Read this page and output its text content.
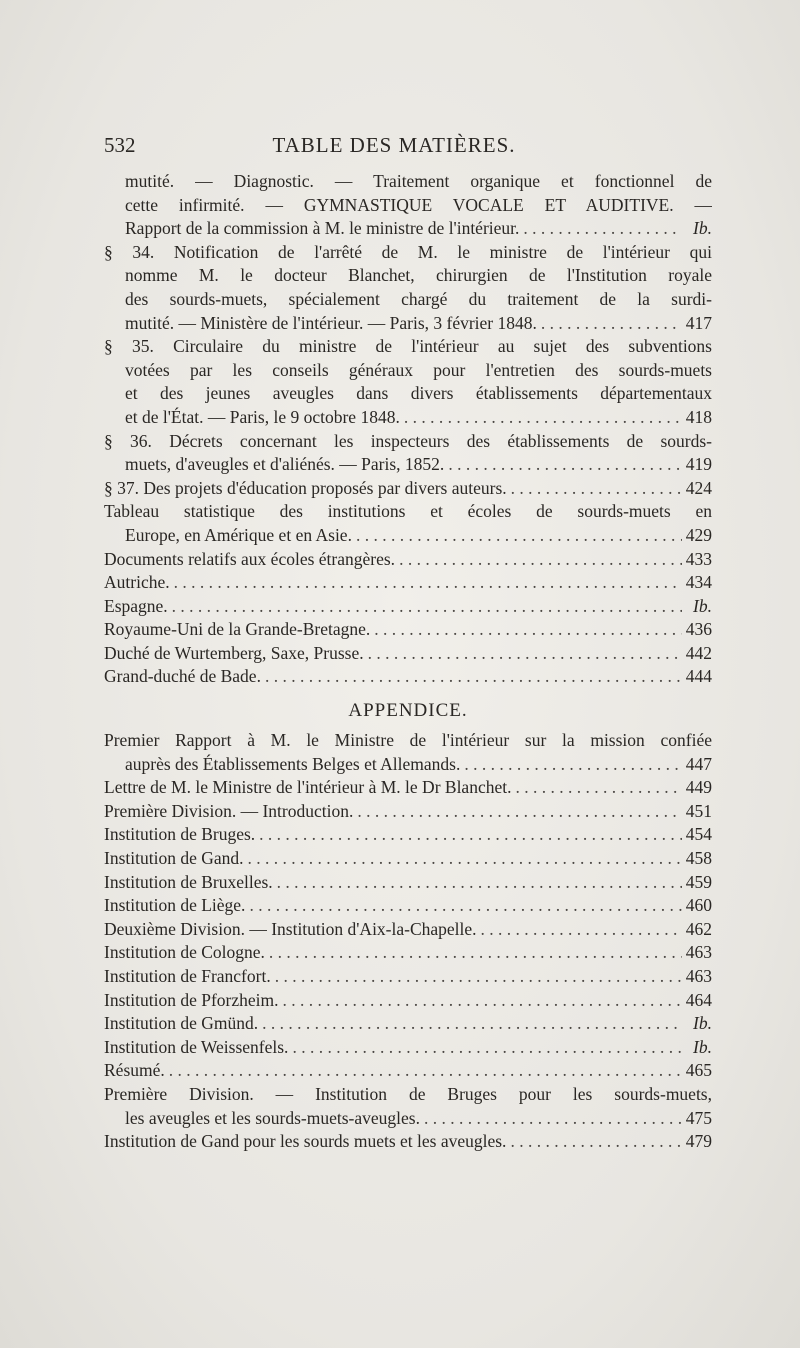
532	TABLE DES MATIÈRES.
mutité. — Diagnostic. — Traitement organique et fonctionnel de
cette infirmité. — GYMNASTIQUE VOCALE ET AUDITIVE. —
Rapport de la commission à M. le ministre de l'intérieur. . . .	Ib.
§ 34. Notification de l'arrêté de M. le ministre de l'intérieur qui
nomme M. le docteur Blanchet, chirurgien de l'Institution royale
des sourds-muets, spécialement chargé du traitement de la surdi-
mutité. — Ministère de l'intérieur. — Paris, 3 février 1848. . . .	417
§ 35. Circulaire du ministre de l'intérieur au sujet des subventions
votées par les conseils généraux pour l'entretien des sourds-muets
et des jeunes aveugles dans divers établissements départementaux
et de l'État. — Paris, le 9 octobre 1848. . . .	418
§ 36. Décrets concernant les inspecteurs des établissements de sourds-
muets, d'aveugles et d'aliénés. — Paris, 1852. . . .	419
§ 37. Des projets d'éducation proposés par divers auteurs. . . .	424
Tableau statistique des institutions et écoles de sourds-muets en
Europe, en Amérique et en Asie. . . .	429
Documents relatifs aux écoles étrangères. . . .	433
Autriche. . . .	434
Espagne. . . .	Ib.
Royaume-Uni de la Grande-Bretagne. . . .	436
Duché de Wurtemberg, Saxe, Prusse. . . .	442
Grand-duché de Bade. . . .	444
APPENDICE.
Premier Rapport à M. le Ministre de l'intérieur sur la mission confiée
auprès des Établissements Belges et Allemands. . . .	447
Lettre de M. le Ministre de l'intérieur à M. le Dr Blanchet. . . .	449
Première Division. — Introduction. . . .	451
Institution de Bruges. . . .	454
Institution de Gand. . . .	458
Institution de Bruxelles. . . .	459
Institution de Liège. . . .	460
Deuxième Division. — Institution d'Aix-la-Chapelle. . . .	462
Institution de Cologne. . . .	463
Institution de Francfort. . . .	463
Institution de Pforzheim. . . .	464
Institution de Gmünd. . . .	Ib.
Institution de Weissenfels. . . .	Ib.
Résumé. . . .	465
Première Division. — Institution de Bruges pour les sourds-muets,
les aveugles et les sourds-muets-aveugles. . . .	475
Institution de Gand pour les sourds muets et les aveugles. . . .	479
